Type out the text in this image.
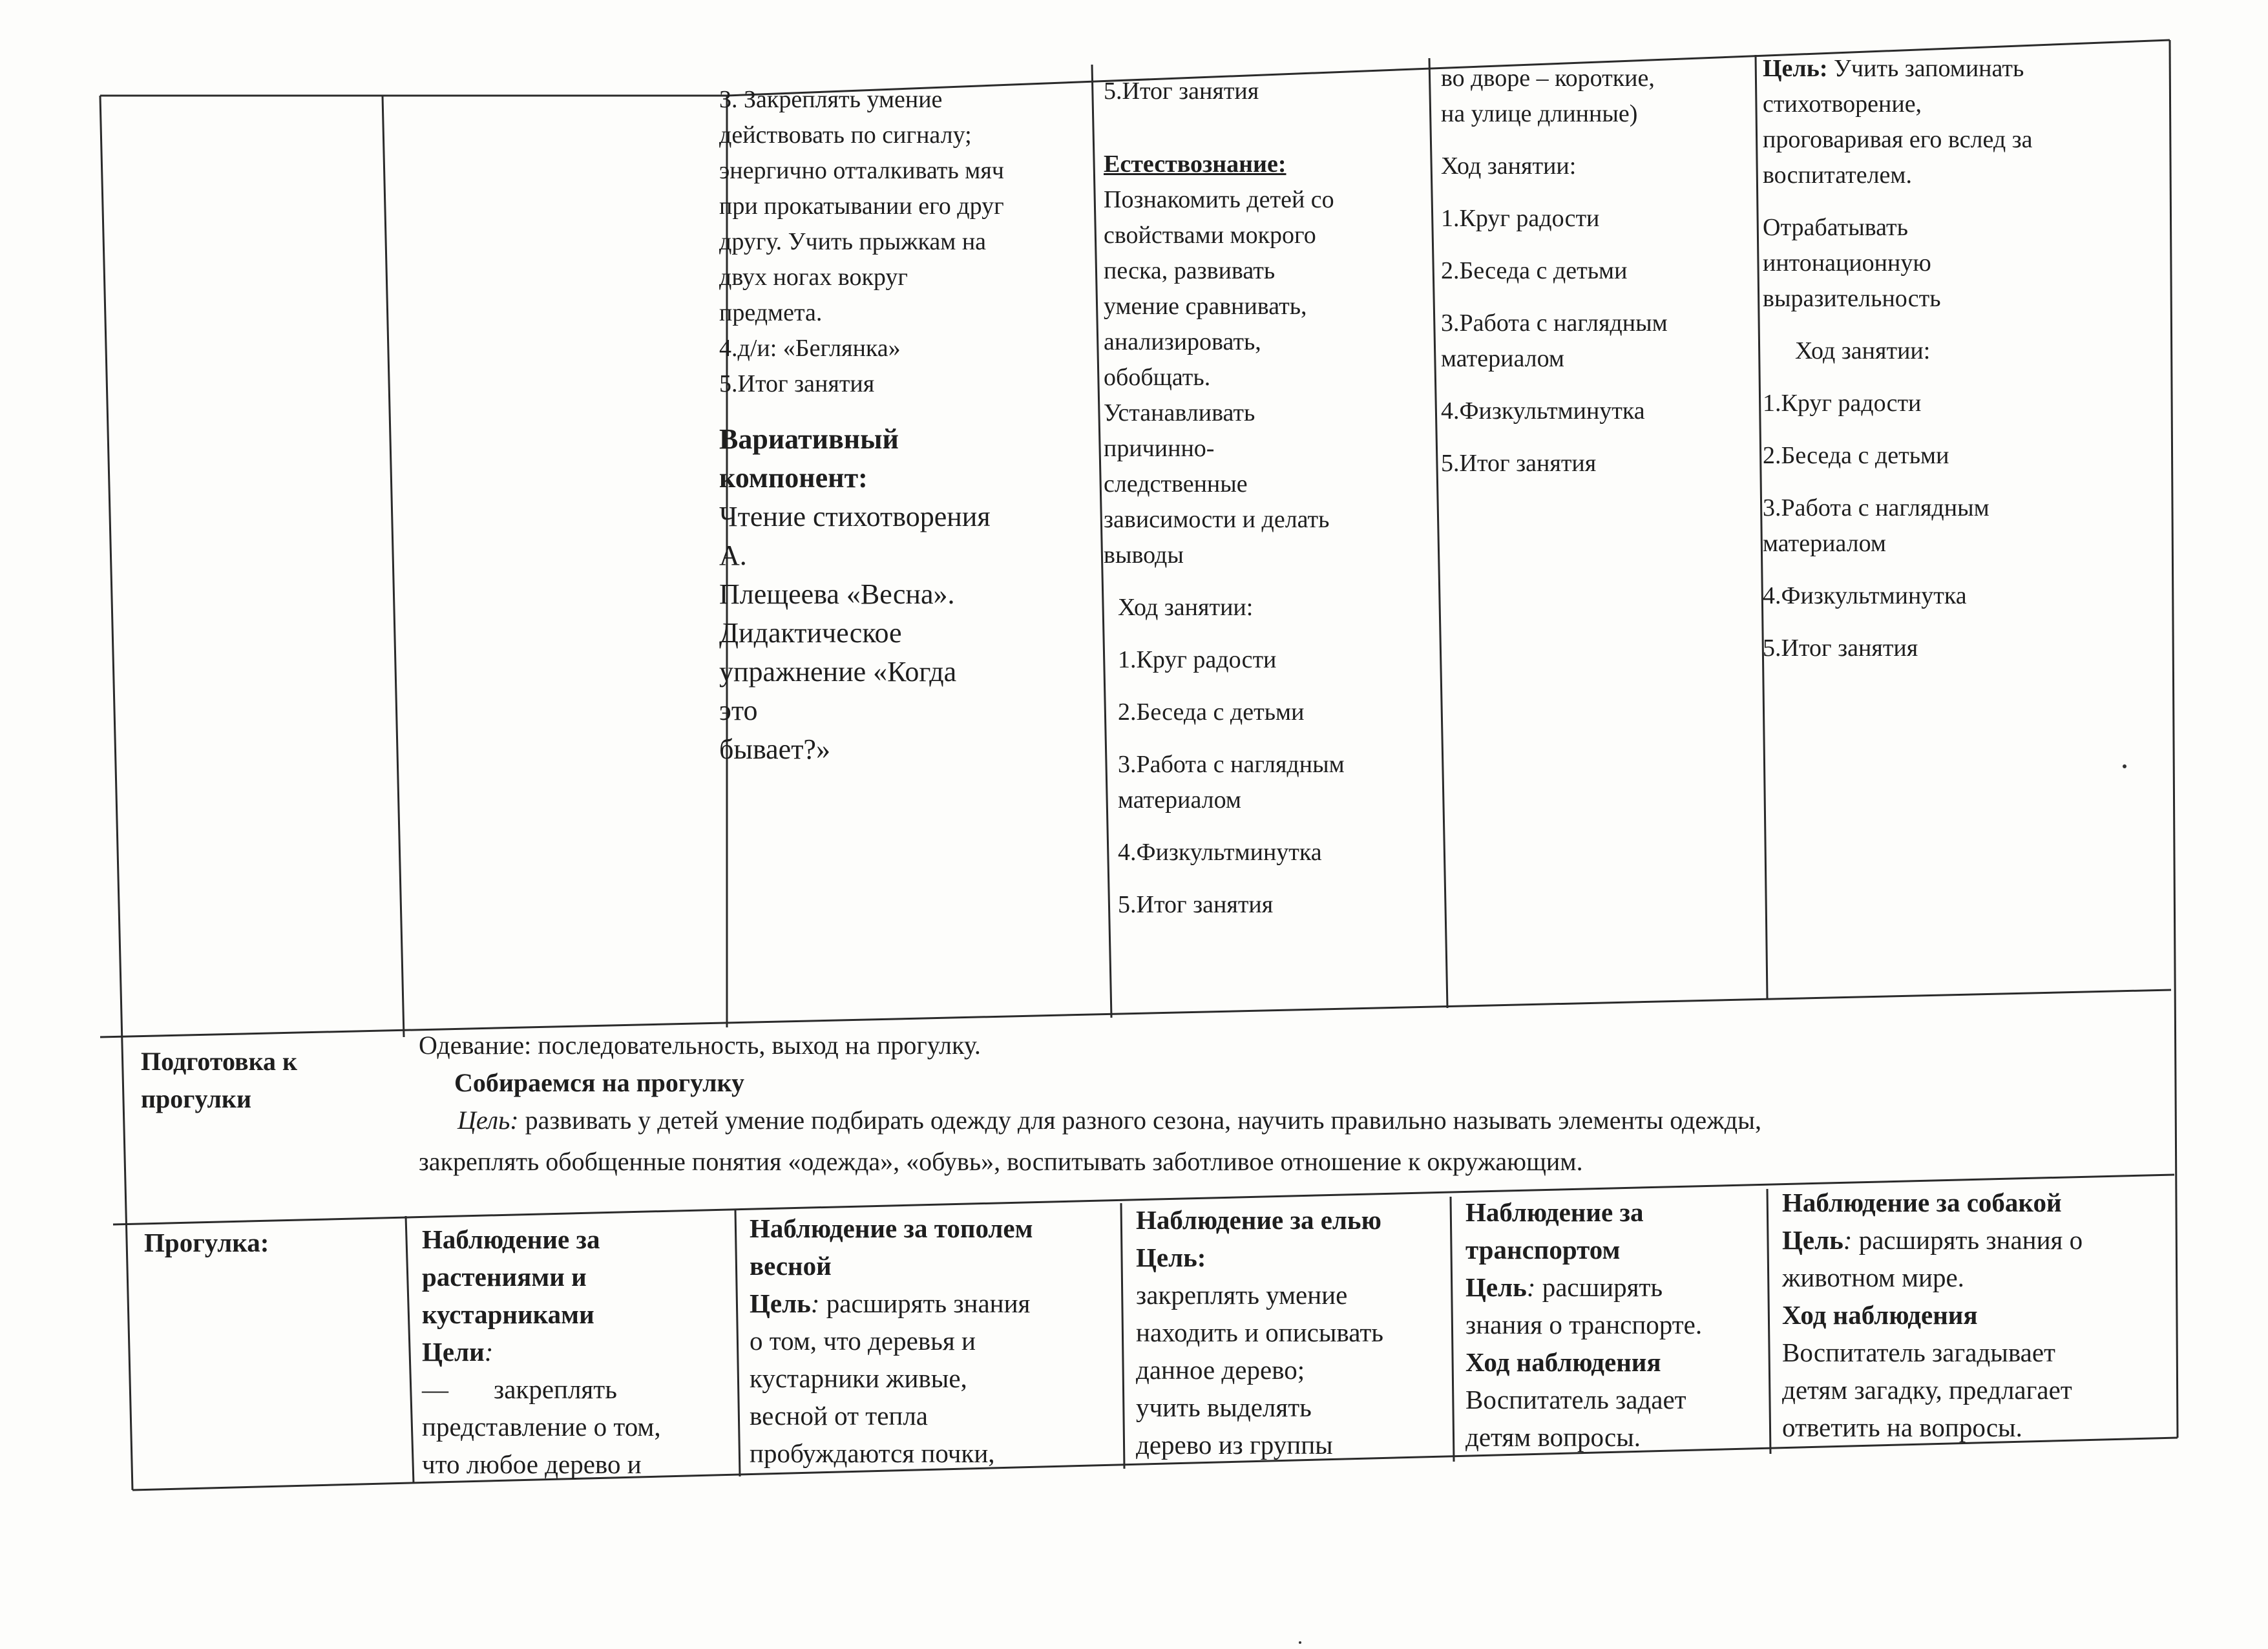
3. Закреплять умение

действовать по сигналу;

энергично отталкивать мяч

при прокатывании его друг

другу. Учить прыжкам на

двух ногах вокруг

предмета.

4.д/и: «Беглянка»

5.Итог занятия

Вариативный компонент:

Чтение стихотворения А.

Плещеева «Весна».

Дидактическое

упражнение «Когда это

бывает?»

5.Итог занятия

Естествознание:

Познакомить детей со

свойствами мокрого

песка, развивать

умение сравнивать,

анализировать,

обобщать.

Устанавливать

причинно-

следственные

зависимости и делать

выводы

Ход занятии:

1.Круг радости

2.Беседа с детьми

3.Работа с наглядным

материалом

4.Физкультминутка

5.Итог занятия

во дворе – короткие,

на улице длинные)

Ход занятии:

1.Круг радости

2.Беседа с детьми

3.Работа с наглядным

материалом

4.Физкультминутка

5.Итог занятия

Цель: Учить запоминать

стихотворение,

проговаривая его вслед за

воспитателем.

Отрабатывать

интонационную

выразительность

Ход занятии:

1.Круг радости

2.Беседа с детьми

3.Работа с наглядным

материалом

4.Физкультминутка

5.Итог занятия

Подготовка к

прогулки

Одевание: последовательность, выход на прогулку.

Собираемся на прогулку

Цель: развивать у детей умение подбирать одежду для разного сезона, научить правильно называть элементы одежды,

закреплять обобщенные понятия «одежда», «обувь», воспитывать заботливое отношение к окружающим.

Прогулка:	Наблюдение за

растениями и

кустарниками

Цели:

— закреплять

представление о том,

что любое дерево и

Наблюдение за тополем

весной

Цель: расширять знания

о том, что деревья и

кустарники живые,

весной от тепла

пробуждаются почки,

Наблюдение за елью

Цель:

закреплять умение

находить и описывать

данное дерево;

учить выделять

дерево из группы

Наблюдение за

транспортом

Цель: расширять

знания о транспорте.

Ход наблюдения

Воспитатель задает

детям вопросы.

Наблюдение за собакой

Цель: расширять знания о

животном мире.

Ход наблюдения

Воспитатель загадывает

детям загадку, предлагает

ответить на вопросы.
